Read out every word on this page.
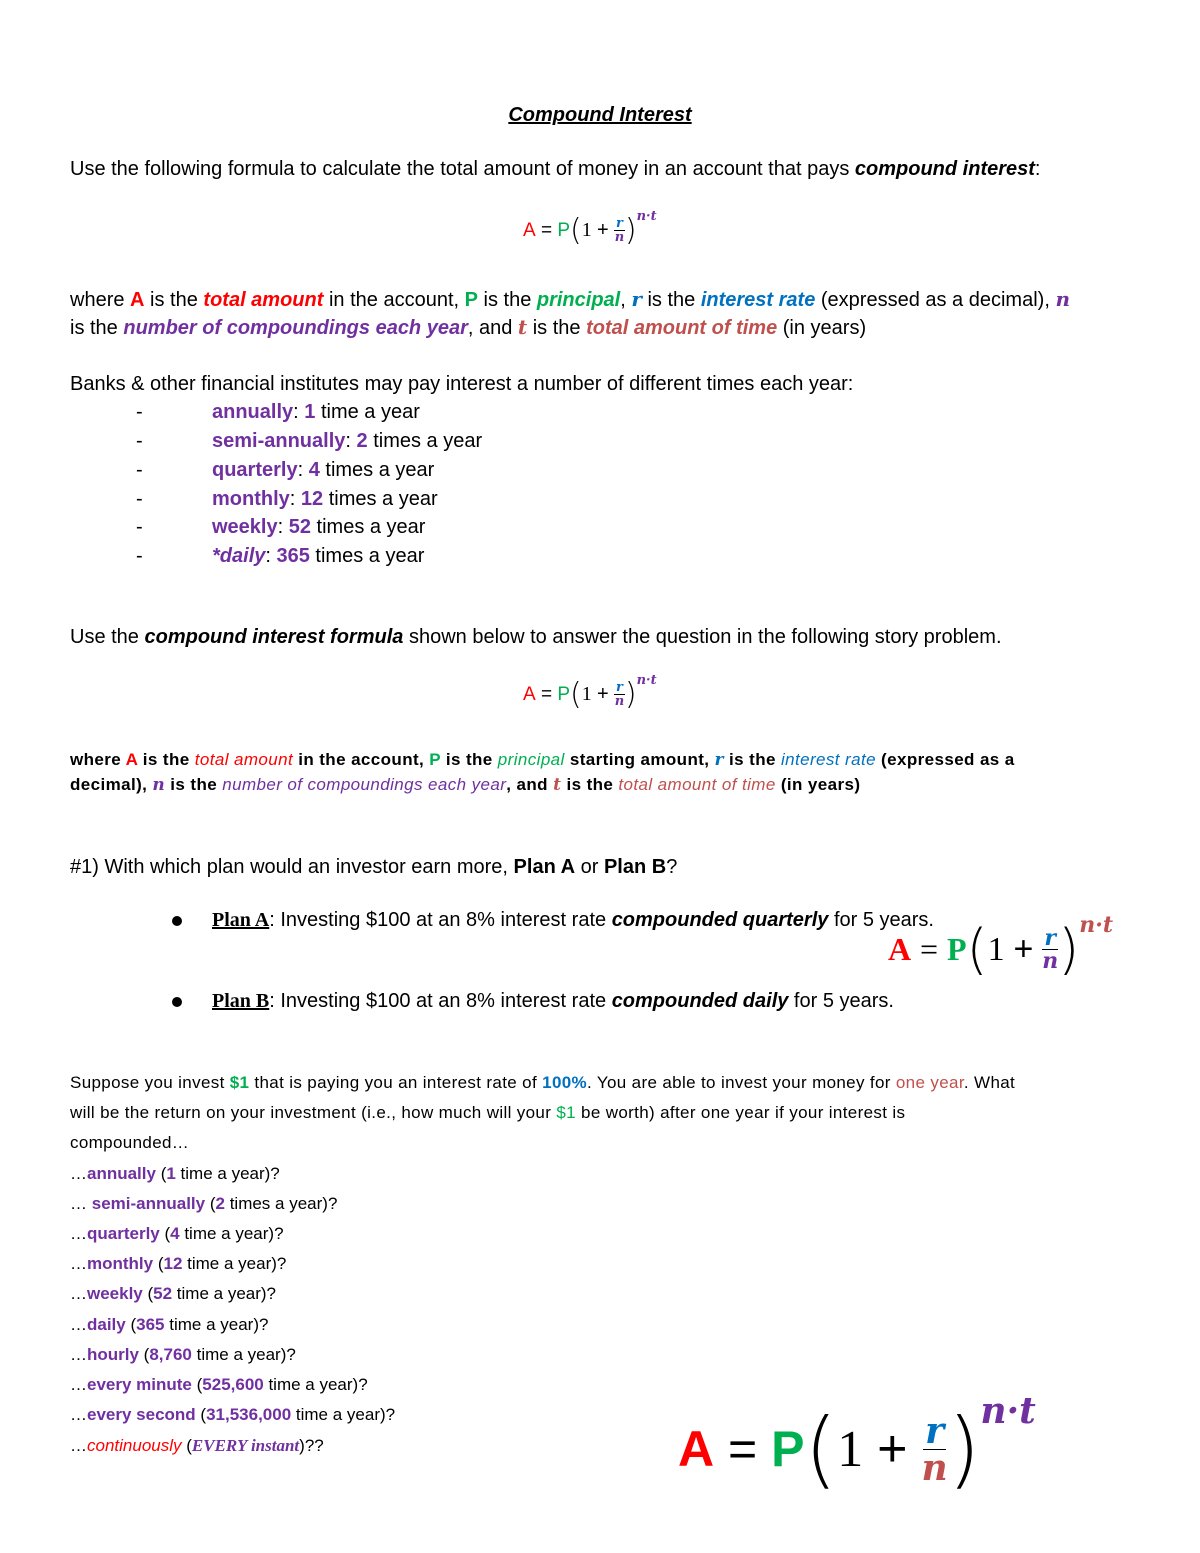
Compound Interest
Use the following formula to calculate the total amount of money in an account that pays compound interest:
A
=
P ( 1
+
$\frac{r}{n}$ ) n·t
where A is the total amount in the account, P is the principal, r is the interest rate (expressed as a decimal), n
is the number of compoundings each year, and t is the total amount of time (in years)
Banks & other financial institutes may pay interest a number of different times each year:
-	annually: 1 time a year
-	semi-annually: 2 times a year
-	quarterly: 4 times a year
-	monthly: 12 times a year
-	weekly: 52 times a year
-	*daily: 365 times a year
Use the compound interest formula shown below to answer the question in the following story problem.
A
=
P ( 1
+
$\frac{r}{n}$ ) n·t
where A is the total amount in the account, P is the principal starting amount, r is the interest rate (expressed as a
decimal), n is the number of compoundings each year, and t is the total amount of time (in years)
#1) With which plan would an investor earn more, Plan A or Plan B?
Plan A: Investing $100 at an 8% interest rate compounded quarterly for 5 years.
A
=
P ( 1
+
$\frac{r}{n}$ ) n·t
Plan B: Investing $100 at an 8% interest rate compounded daily for 5 years.
Suppose you invest $1 that is paying you an interest rate of 100%. You are able to invest your money for one year. What
will be the return on your investment (i.e., how much will your $1 be worth) after one year if your interest is
compounded…
…annually (1 time a year)?
… semi-annually (2 times a year)?
…quarterly (4 time a year)?
…monthly (12 time a year)?
…weekly (52 time a year)?
…daily (365 time a year)?
…hourly (8,760 time a year)?
…every minute (525,600 time a year)?
…every second (31,536,000 time a year)?
…continuously (EVERY instant)??	A
=
P ( 1
+
$\frac{r}{n}$ ) n·t
